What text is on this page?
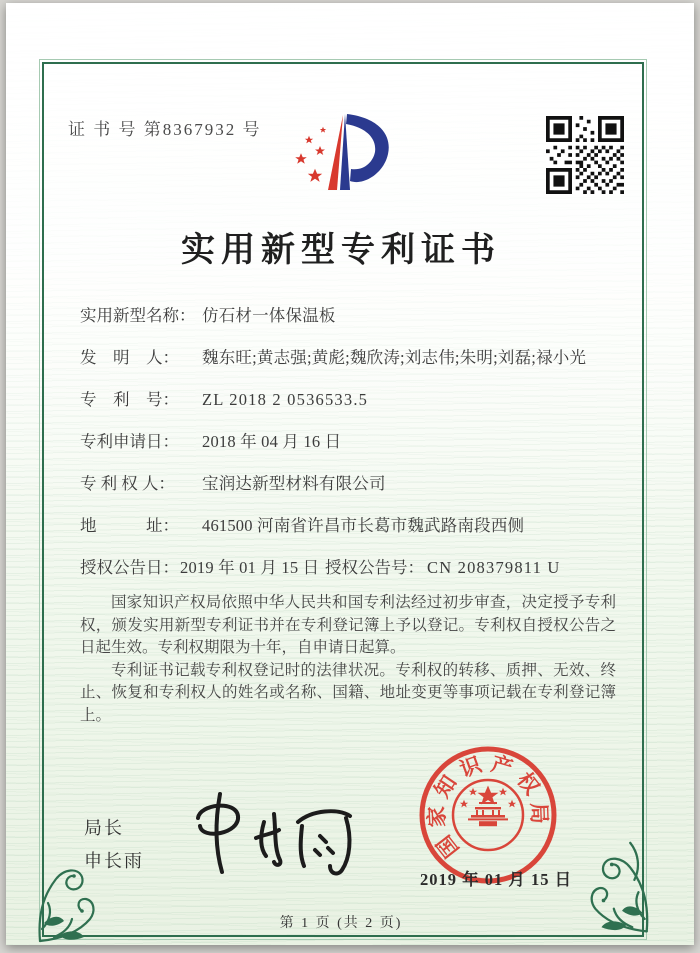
证 书 号 第8367932 号
实用新型专利证书
实用新型名称： 仿石材一体保温板
发　明　人：	魏东旺;黄志强;黄彪;魏欣涛;刘志伟;朱明;刘磊;禄小光
专　利　号：	ZL 2018 2 0536533.5
专利申请日：	2018 年 04 月 16 日
专 利 权 人：	宝润达新型材料有限公司
地　　　址：	461500 河南省许昌市长葛市魏武路南段西侧
授权公告日： 2019 年 01 月 15 日 授权公告号： CN 208379811 U

国家知识产权局依照中华人民共和国专利法经过初步审查，决定授予专利权，颁发实用新型专利证书并在专利登记簿上予以登记。专利权自授权公告之日起生效。专利权期限为十年，自申请日起算。

专利证书记载专利权登记时的法律状况。专利权的转移、质押、无效、终止、恢复和专利权人的姓名或名称、国籍、地址变更等事项记载在专利登记簿上。

局长
申长雨	国
家
知
识 产
权
局
2019 年 01 月 15 日
第 1 页 (共 2 页)
